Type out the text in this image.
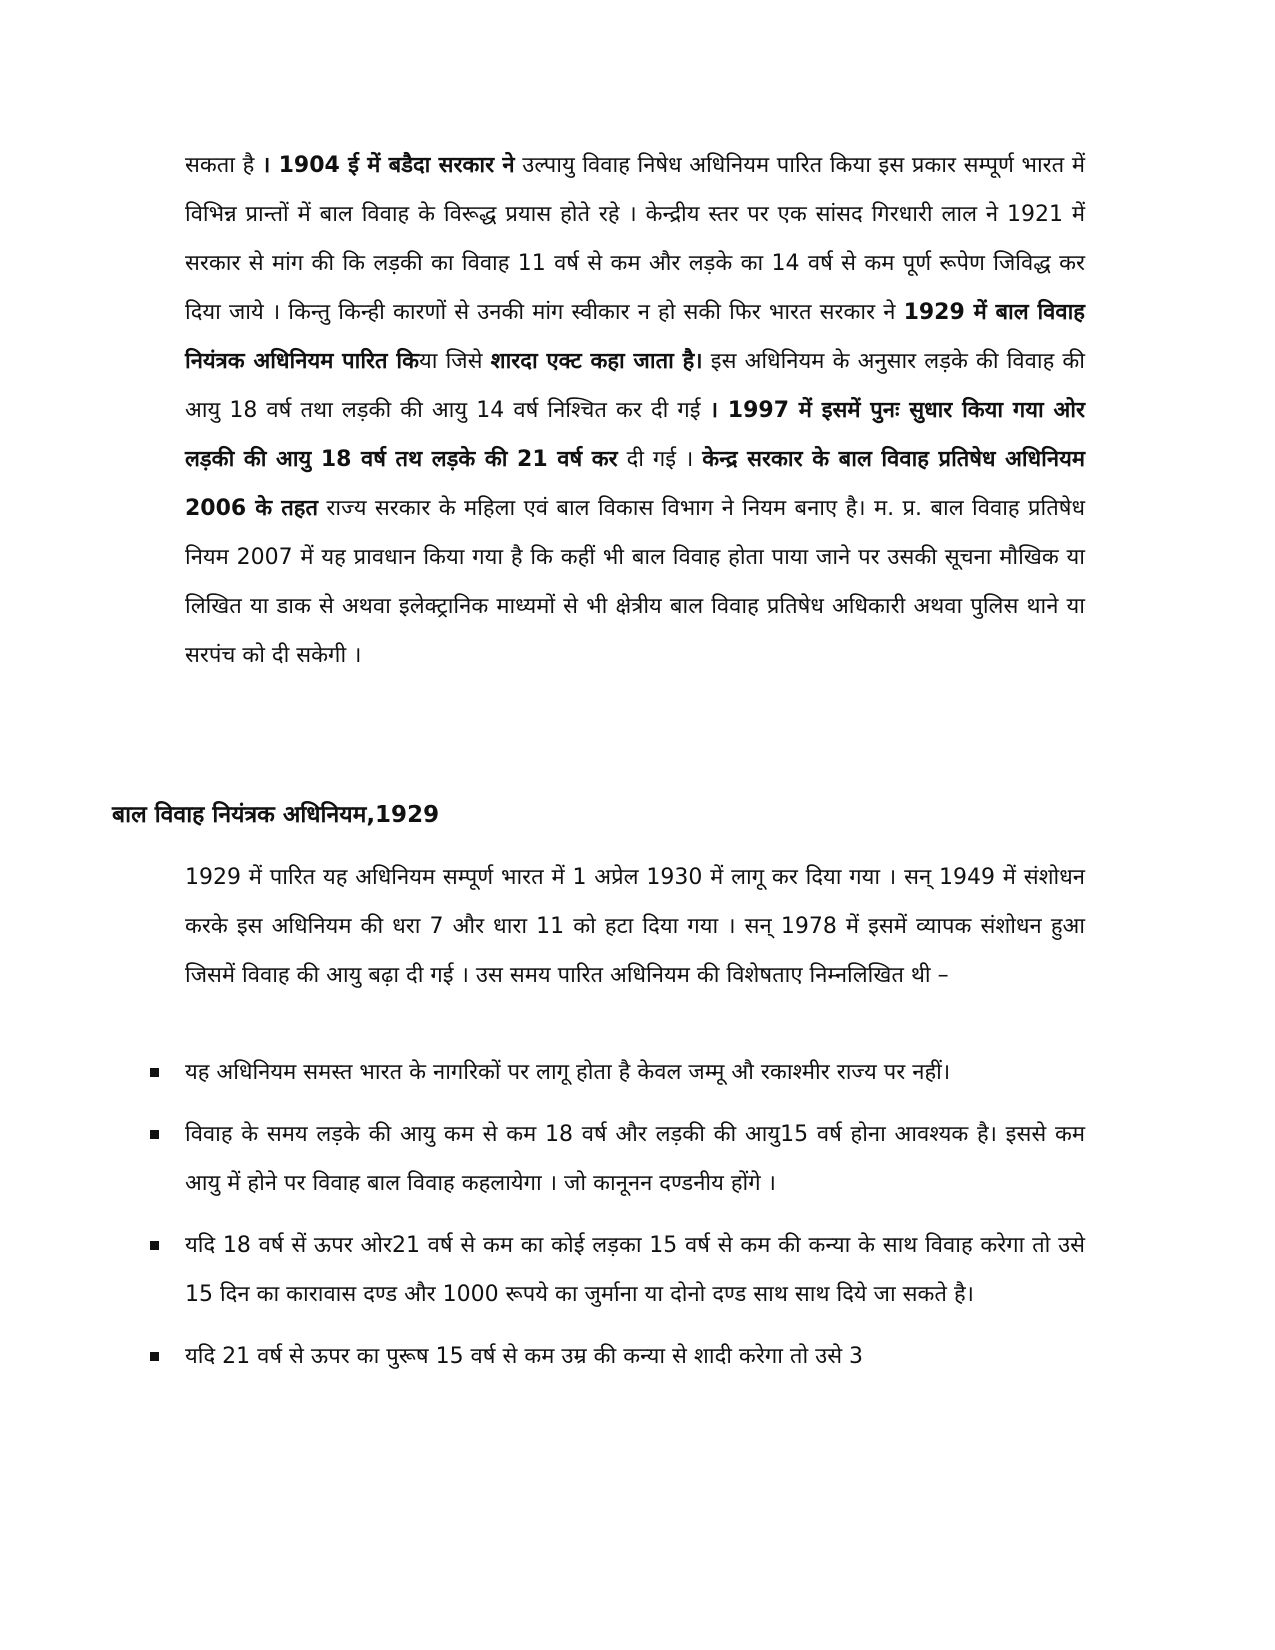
सकता है । 1904 ई में बडैदा सरकार ने उल्पायु विवाह निषेध अधिनियम पारित किया इस प्रकार सम्पूर्ण भारत में विभिन्न प्रान्तों में बाल विवाह के विरूद्ध प्रयास होते रहे । केन्द्रीय स्तर पर एक सांसद गिरधारी लाल ने 1921 में सरकार से मांग की कि लड़की का विवाह 11 वर्ष से कम और लड़के का 14 वर्ष से कम पूर्ण रूपेण जिविद्ध कर दिया जाये । किन्तु किन्ही कारणों से उनकी मांग स्वीकार न हो सकी फिर भारत सरकार ने 1929 में बाल विवाह नियंत्रक अधिनियम पारित किया जिसे शारदा एक्ट कहा जाता है। इस अधिनियम के अनुसार लड़के की विवाह की आयु 18 वर्ष तथा लड़की की आयु 14 वर्ष निश्चित कर दी गई । 1997 में इसमें पुनः सुधार किया गया ओर लड़की की आयु 18 वर्ष तथ लड़के की 21 वर्ष कर दी गई । केन्द्र सरकार के बाल विवाह प्रतिषेध अधिनियम 2006 के तहत राज्य सरकार के महिला एवं बाल विकास विभाग ने नियम बनाए है। म. प्र. बाल विवाह प्रतिषेध नियम 2007 में यह प्रावधान किया गया है कि कहीं भी बाल विवाह होता पाया जाने पर उसकी सूचना मौखिक या लिखित या डाक से अथवा इलेक्ट्रानिक माध्यमों से भी क्षेत्रीय बाल विवाह प्रतिषेध अधिकारी अथवा पुलिस थाने या सरपंच को दी सकेगी ।

बाल विवाह नियंत्रक अधिनियम,1929

1929 में पारित यह अधिनियम सम्पूर्ण भारत में 1 अप्रेल 1930 में लागू कर दिया गया । सन् 1949 में संशोधन करके इस अधिनियम की धरा 7 और धारा 11 को हटा दिया गया । सन् 1978 में इसमें व्यापक संशोधन हुआ जिसमें विवाह की आयु बढ़ा दी गई । उस समय पारित अधिनियम की विशेषताए निम्नलिखित थी –

यह अधिनियम समस्त भारत के नागरिकों पर लागू होता है केवल जम्मू औ रकाश्मीर राज्य पर नहीं।
विवाह के समय लड़के की आयु कम से कम 18 वर्ष और लड़की की आयु15 वर्ष होना आवश्यक है। इससे कम आयु में होने पर विवाह बाल विवाह कहलायेगा । जो कानूनन दण्डनीय होंगे ।
यदि 18 वर्ष सें ऊपर ओर21 वर्ष से कम का कोई लड़का 15 वर्ष से कम की कन्या के साथ विवाह करेगा तो उसे 15 दिन का कारावास दण्ड और 1000 रूपये का जुर्माना या दोनो दण्ड साथ साथ दिये जा सकते है।
यदि 21 वर्ष से ऊपर का पुरूष 15 वर्ष से कम उम्र की कन्या से शादी करेगा तो उसे 3
